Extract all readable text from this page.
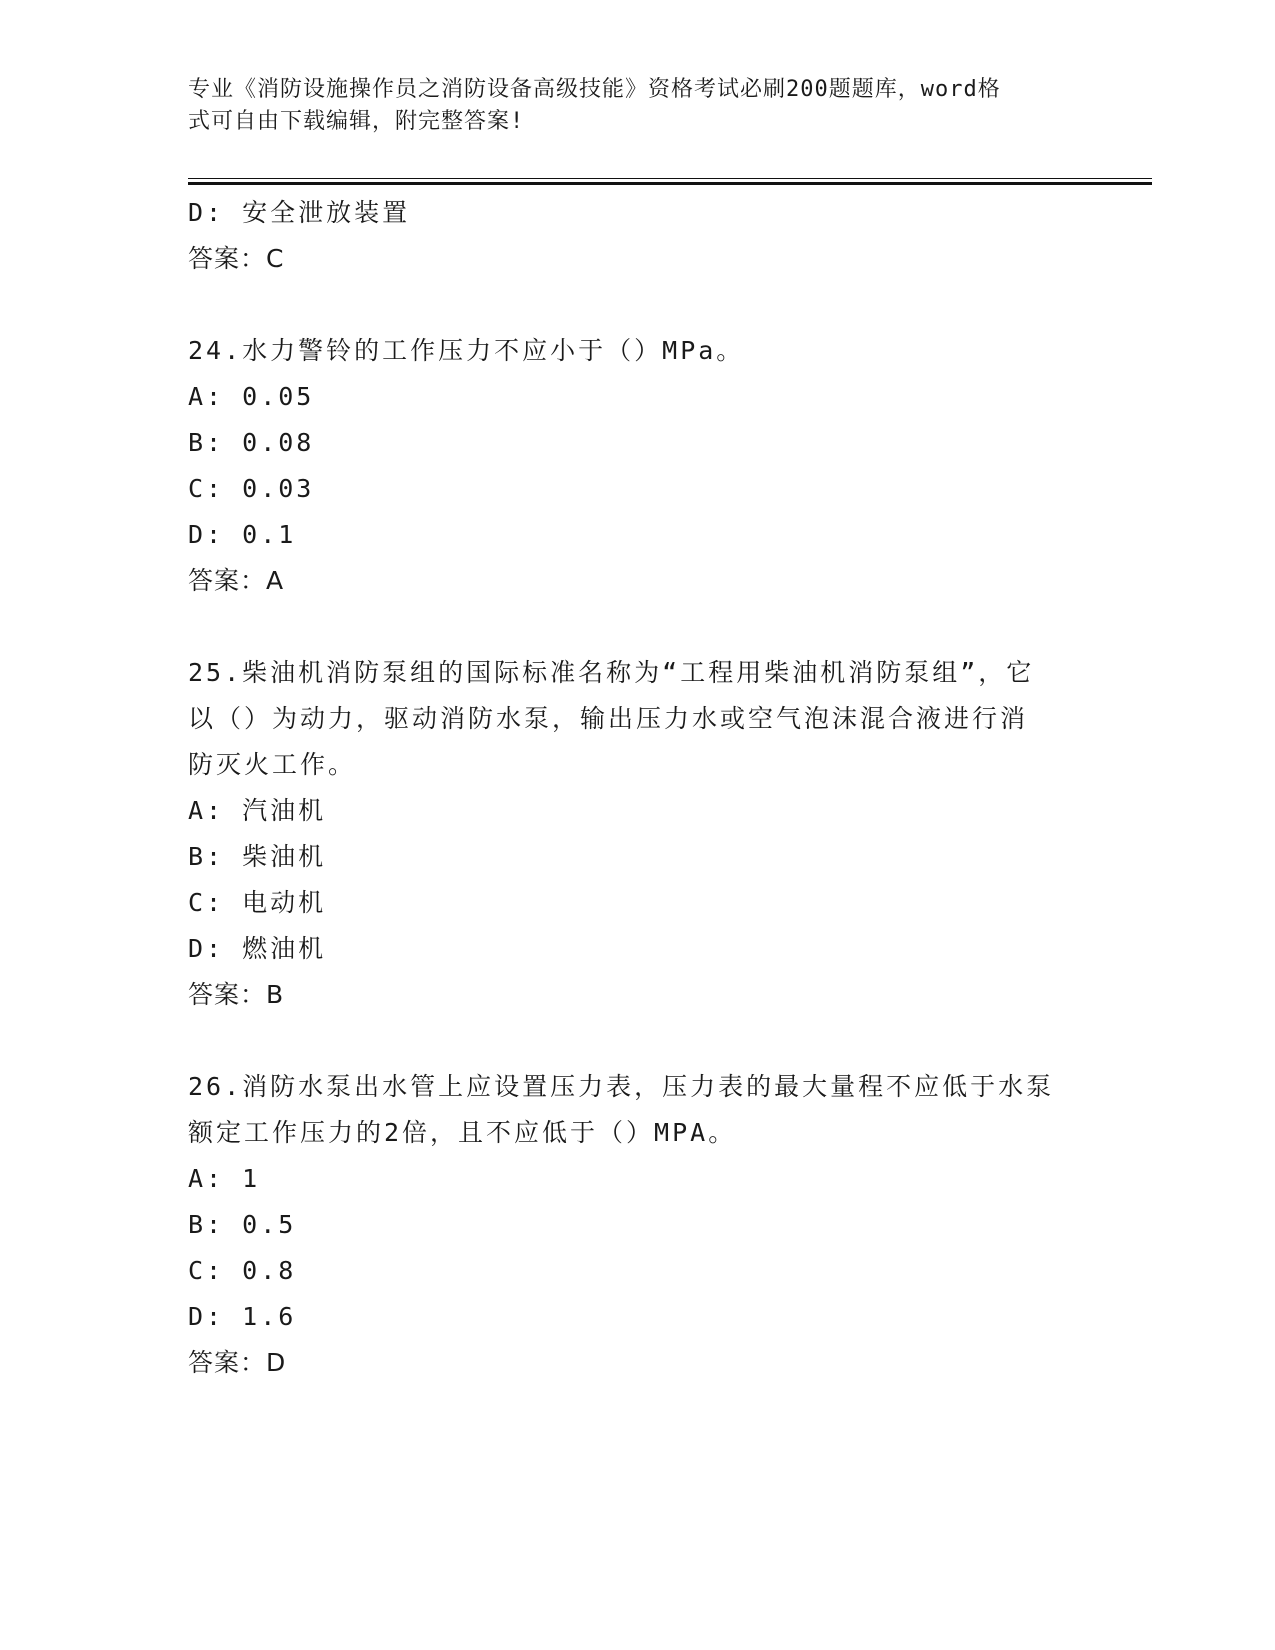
专业《消防设施操作员之消防设备高级技能》资格考试必刷200题题库，word格
式可自由下载编辑，附完整答案!
D: 安全泄放装置
答案：C
24.水力警铃的工作压力不应小于（）MPa。
A: 0.05
B: 0.08
C: 0.03
D: 0.1
答案：A
25.柴油机消防泵组的国际标准名称为“工程用柴油机消防泵组”，它
以（）为动力，驱动消防水泵，输出压力水或空气泡沫混合液进行消
防灭火工作。
A: 汽油机
B: 柴油机
C: 电动机
D: 燃油机
答案：B
26.消防水泵出水管上应设置压力表，压力表的最大量程不应低于水泵
额定工作压力的2倍，且不应低于（）MPA。
A: 1
B: 0.5
C: 0.8
D: 1.6
答案：D
